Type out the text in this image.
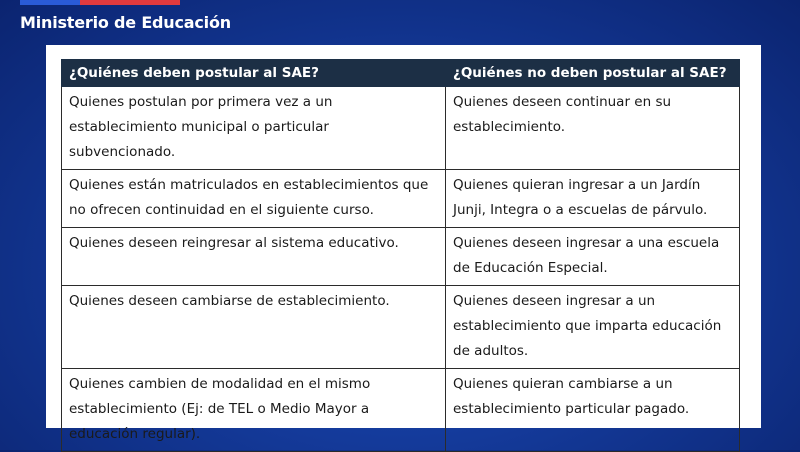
Ministerio de Educación
¿Quiénes deben postular al SAE?	¿Quiénes no deben postular al SAE?
Quienes postulan por primera vez a un establecimiento municipal o particular subvencionado.	Quienes deseen continuar en su establecimiento.
Quienes están matriculados en establecimientos que no ofrecen continuidad en el siguiente curso.	Quienes quieran ingresar a un Jardín Junji, Integra o a escuelas de párvulo.
Quienes deseen reingresar al sistema educativo.	Quienes deseen ingresar a una escuela de Educación Especial.
Quienes deseen cambiarse de establecimiento.	Quienes deseen ingresar a un establecimiento que imparta educación de adultos.
Quienes cambien de modalidad en el mismo establecimiento (Ej: de TEL o Medio Mayor a educación regular).	Quienes quieran cambiarse a un establecimiento particular pagado.
